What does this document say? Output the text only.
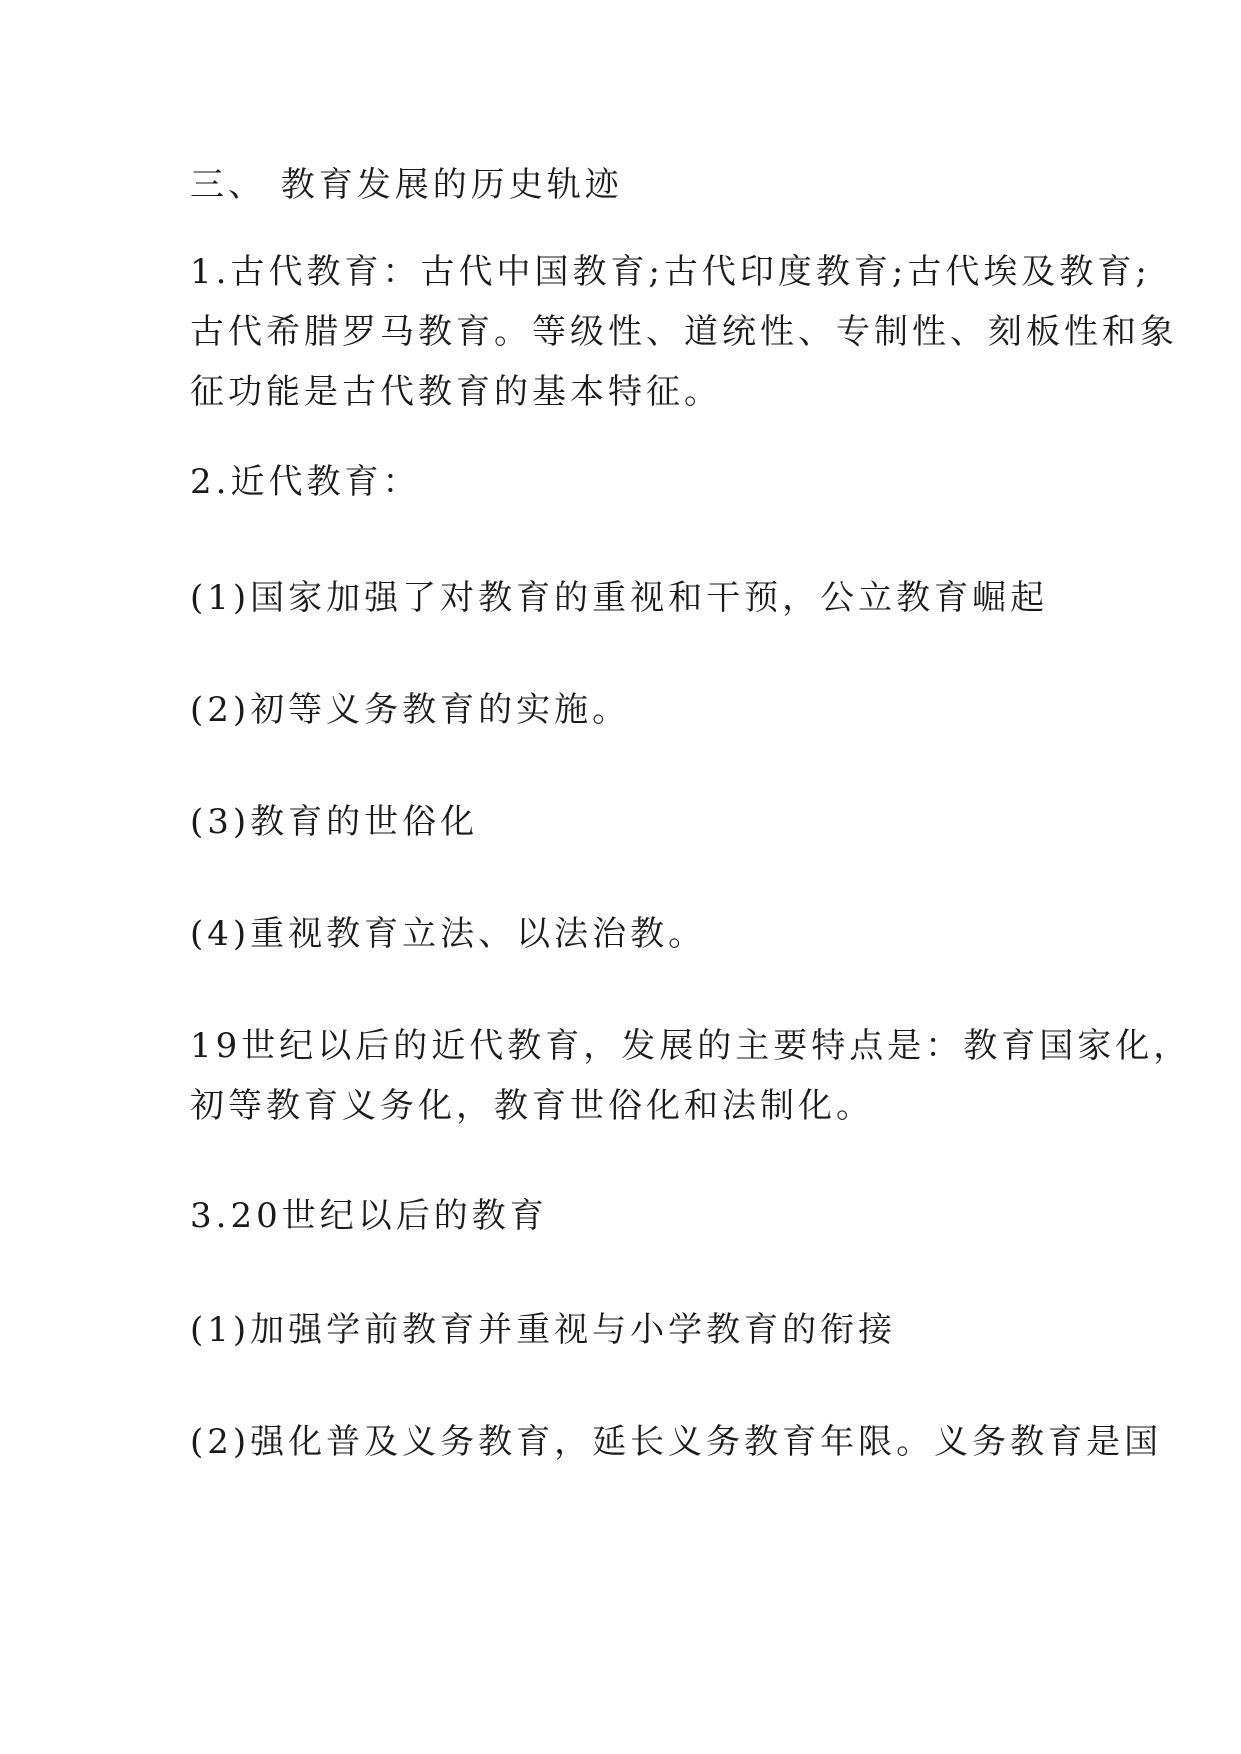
三、 教育发展的历史轨迹

1.古代教育：古代中国教育;古代印度教育;古代埃及教育;
古代希腊罗马教育。等级性、道统性、专制性、刻板性和象
征功能是古代教育的基本特征。

2.近代教育：

(1)国家加强了对教育的重视和干预，公立教育崛起

(2)初等义务教育的实施。

(3)教育的世俗化

(4)重视教育立法、以法治教。

19世纪以后的近代教育，发展的主要特点是：教育国家化，
初等教育义务化，教育世俗化和法制化。

3.20世纪以后的教育

(1)加强学前教育并重视与小学教育的衔接

(2)强化普及义务教育，延长义务教育年限。义务教育是国
